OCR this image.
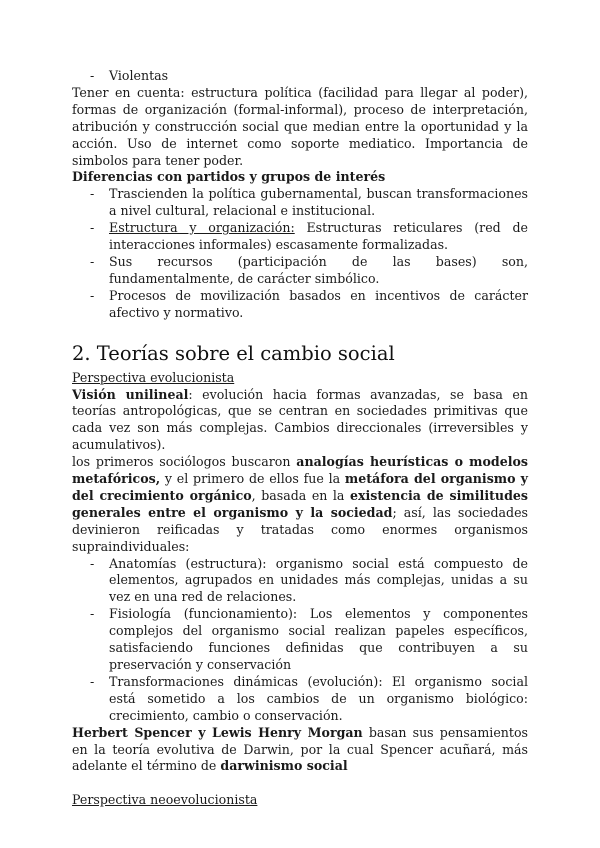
- Violentas

Tener en cuenta: estructura política (facilidad para llegar al poder), formas de organización (formal-informal), proceso de interpretación, atribución y construcción social que median entre la oportunidad y la acción. Uso de internet como soporte mediatico. Importancia de simbolos para tener poder.

Diferencias con partidos y grupos de interés

- Trascienden la política gubernamental, buscan transformaciones a nivel cultural, relacional e institucional.
- Estructura y organización: Estructuras reticulares (red de interacciones informales) escasamente formalizadas.
- Sus recursos (participación de las bases) son, fundamentalmente, de carácter simbólico.
- Procesos de movilización basados en incentivos de carácter afectivo y normativo.
2. Teorías sobre el cambio social

Perspectiva evolucionista

Visión unilineal: evolución hacia formas avanzadas, se basa en teorías antropológicas, que se centran en sociedades primitivas que cada vez son más complejas. Cambios direccionales (irreversibles y acumulativos).

los primeros sociólogos buscaron analogías heurísticas o modelos metafóricos, y el primero de ellos fue la metáfora del organismo y del crecimiento orgánico, basada en la existencia de similitudes generales entre el organismo y la sociedad; así, las sociedades devinieron reificadas y tratadas como enormes organismos supraindividuales:

- Anatomías (estructura): organismo social está compuesto de elementos, agrupados en unidades más complejas, unidas a su vez en una red de relaciones.
- Fisiología (funcionamiento): Los elementos y componentes complejos del organismo social realizan papeles específicos, satisfaciendo funciones definidas que contribuyen a su preservación y conservación
- Transformaciones dinámicas (evolución): El organismo social está sometido a los cambios de un organismo biológico: crecimiento, cambio o conservación.

Herbert Spencer y Lewis Henry Morgan basan sus pensamientos en la teoría evolutiva de Darwin, por la cual Spencer acuñará, más adelante el término de darwinismo social

Perspectiva neoevolucionista
